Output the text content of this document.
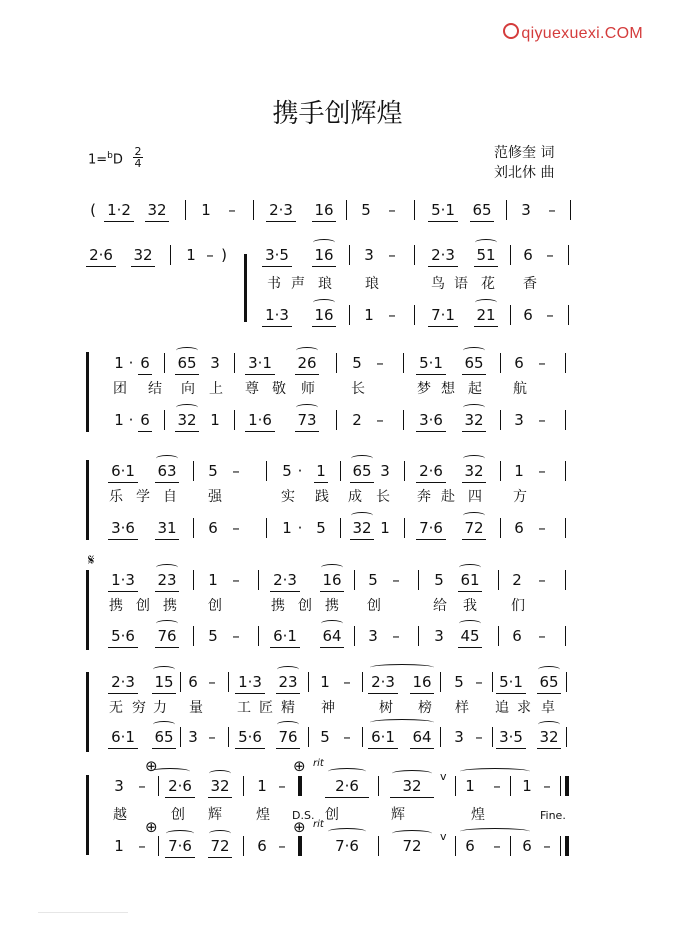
qiyuexuexi.COM
携手创辉煌
1=$^b$D
2
4
范修奎 词
刘北休 曲
( 1·2 32 1 – 2·3 16 5 – 5·1 65 3 –
2·6 32 1 – )	3·5 16 3 – 2·3 51 6 –
书 声 琅 琅	鸟 语 花 香
1·3 16 1 – 7·1 21 6 –
1 · 6 65 3 3·1 26 5 – 5·1 65 6 –
团 结 向 上 尊 敬 师	长	梦 想 起 航
1 · 6 32 1 1·6 73 2 – 3·6 32 3 –
6·1 63 5 –	5 · 1 65 3 2·6 32 1 –
乐 学 自 强	实 践 成 长 奔 赴 四 方
3·6 31 6 –	1 · 5 32 1 7·6 72 6 –
𝄋
1·3 23 1 – 2·3 16 5 – 5 61 2 –
携 创 携 创	携 创 携 创	给 我 们
5·6 76 5 – 6·1 64 3 – 3 45 6 –
2·3 15 6 – 1·3 23 1 – 2·3 16 5 – 5·1 65
无 穷 力 量 工 匠 精 神	树 榜 样 追 求 卓
6·1 65 3 – 5·6 76 5 – 6·1 64 3 – 3·5 32
⊕	⊕ rit
3 – 2·6 32 1 –	2·6	32
v
1 – 1 –
越	创 辉 煌 D.S. 创	辉	煌	Fine.
⊕	⊕ rit
1 – 7·6 72 6 –	7·6	72
v
6 – 6 –
